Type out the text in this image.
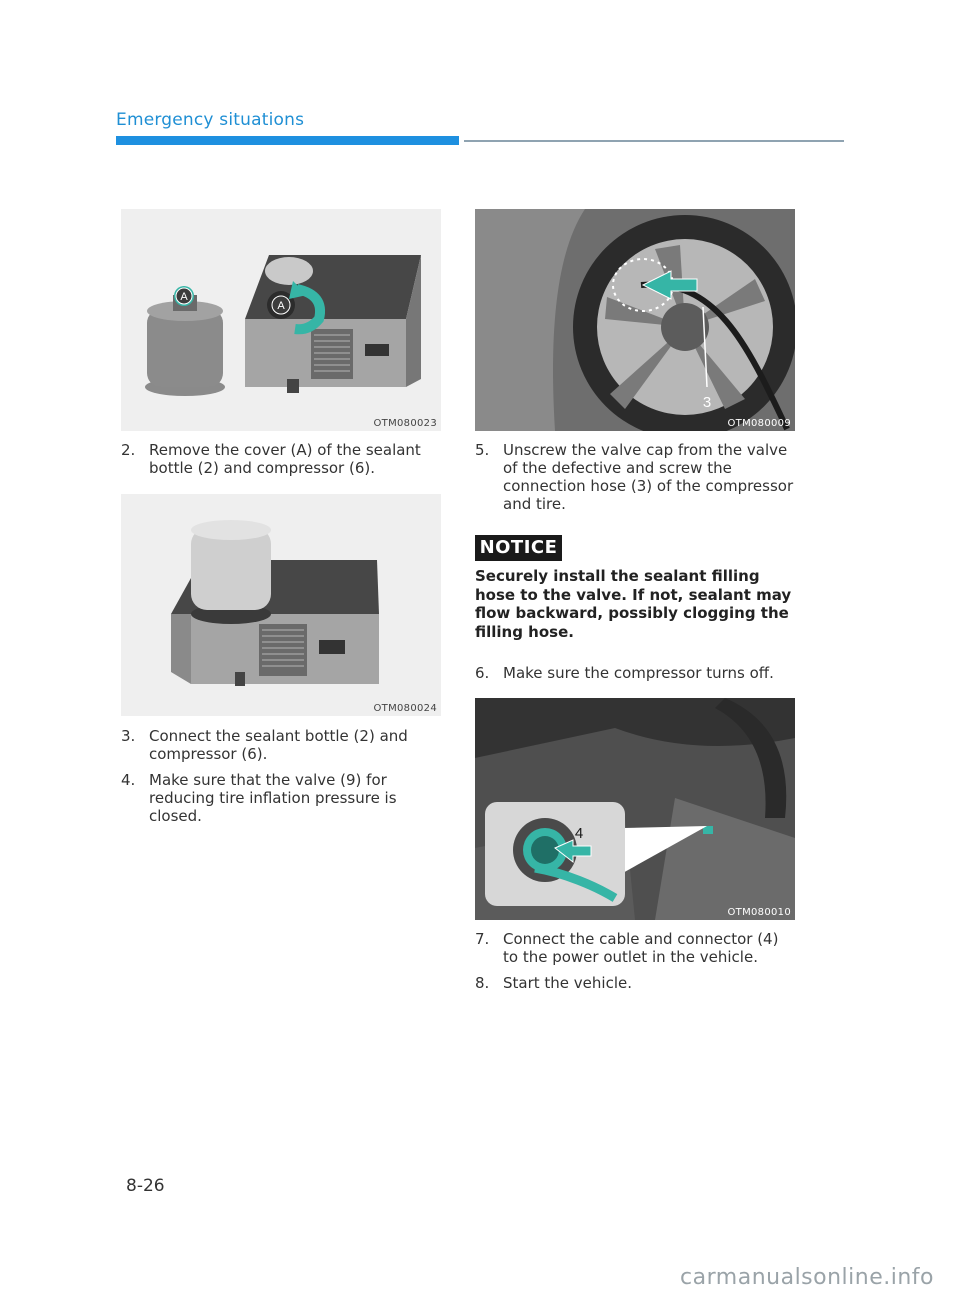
Emergency situations
A
A
OTM080023
2. Remove the cover (A) of the sealant bottle (2) and compressor (6).
OTM080024
3. Connect the sealant bottle (2) and compressor (6).
4. Make sure that the valve (9) for reducing tire inflation pressure is closed.
3
OTM080009
5. Unscrew the valve cap from the valve of the defective and screw the connection hose (3) of the compressor and tire.
NOTICE
Securely install the sealant filling hose to the valve. If not, sealant may flow backward, possibly clogging the filling hose.
6. Make sure the compressor turns off.
4
OTM080010
7. Connect the cable and connector (4) to the power outlet in the vehicle.
8. Start the vehicle.
8-26
carmanualsonline.info
